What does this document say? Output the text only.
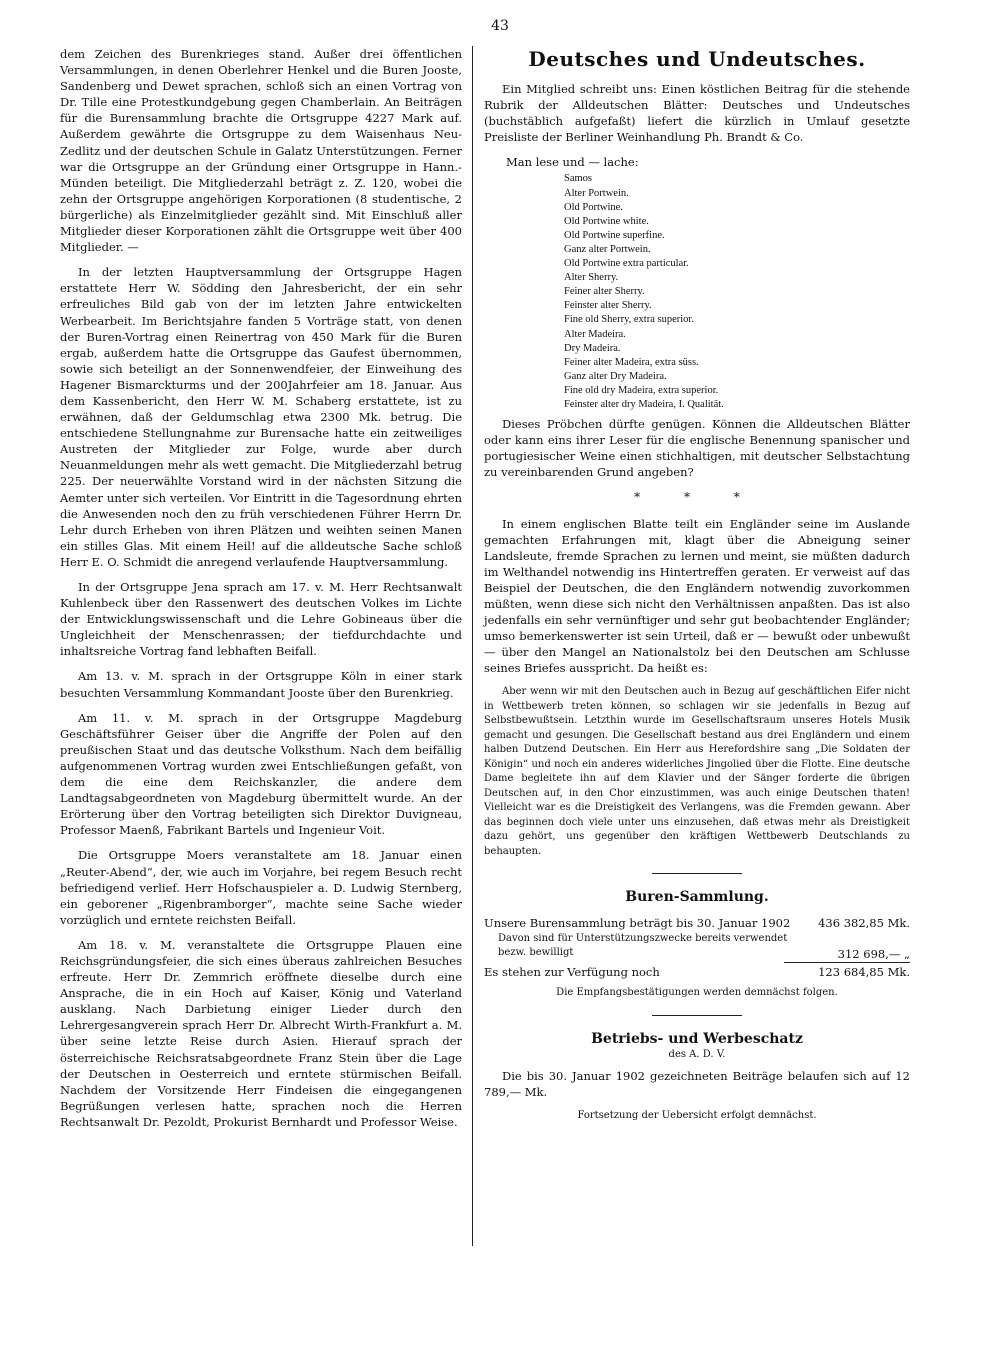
43

dem Zeichen des Burenkrieges stand. Außer drei öffentlichen Versammlungen, in denen Oberlehrer Henkel und die Buren Jooste, Sandenberg und Dewet sprachen, schloß sich an einen Vortrag von Dr. Tille eine Protestkundgebung gegen Chamberlain. An Beiträgen für die Burensammlung brachte die Ortsgruppe 4227 Mark auf. Außerdem gewährte die Ortsgruppe zu dem Waisenhaus Neu-Zedlitz und der deutschen Schule in Galatz Unterstützungen. Ferner war die Ortsgruppe an der Gründung einer Ortsgruppe in Hann.-Münden beteiligt. Die Mitgliederzahl beträgt z. Z. 120, wobei die zehn der Ortsgruppe angehörigen Korporationen (8 studentische, 2 bürgerliche) als Einzelmitglieder gezählt sind. Mit Einschluß aller Mitglieder dieser Korporationen zählt die Ortsgruppe weit über 400 Mitglieder. —

In der letzten Hauptversammlung der Ortsgruppe Hagen erstattete Herr W. Södding den Jahresbericht, der ein sehr erfreuliches Bild gab von der im letzten Jahre entwickelten Werbearbeit. Im Berichtsjahre fanden 5 Vorträge statt, von denen der Buren-Vortrag einen Reinertrag von 450 Mark für die Buren ergab, außerdem hatte die Ortsgruppe das Gaufest übernommen, sowie sich beteiligt an der Sonnenwendfeier, der Einweihung des Hagener Bismarckturms und der 200Jahrfeier am 18. Januar. Aus dem Kassenbericht, den Herr W. M. Schaberg erstattete, ist zu erwähnen, daß der Geldumschlag etwa 2300 Mk. betrug. Die entschiedene Stellungnahme zur Burensache hatte ein zeitweiliges Austreten der Mitglieder zur Folge, wurde aber durch Neuanmeldungen mehr als wett gemacht. Die Mitgliederzahl betrug 225. Der neuerwählte Vorstand wird in der nächsten Sitzung die Aemter unter sich verteilen. Vor Eintritt in die Tagesordnung ehrten die Anwesenden noch den zu früh verschiedenen Führer Herrn Dr. Lehr durch Erheben von ihren Plätzen und weihten seinen Manen ein stilles Glas. Mit einem Heil! auf die alldeutsche Sache schloß Herr E. O. Schmidt die anregend verlaufende Hauptversammlung.

In der Ortsgruppe Jena sprach am 17. v. M. Herr Rechtsanwalt Kuhlenbeck über den Rassenwert des deutschen Volkes im Lichte der Entwicklungswissenschaft und die Lehre Gobineaus über die Ungleichheit der Menschenrassen; der tiefdurchdachte und inhaltsreiche Vortrag fand lebhaften Beifall.

Am 13. v. M. sprach in der Ortsgruppe Köln in einer stark besuchten Versammlung Kommandant Jooste über den Burenkrieg.

Am 11. v. M. sprach in der Ortsgruppe Magdeburg Geschäftsführer Geiser über die Angriffe der Polen auf den preußischen Staat und das deutsche Volksthum. Nach dem beifällig aufgenommenen Vortrag wurden zwei Entschließungen gefaßt, von dem die eine dem Reichskanzler, die andere dem Landtagsabgeordneten von Magdeburg übermittelt wurde. An der Erörterung über den Vortrag beteiligten sich Direktor Duvigneau, Professor Maenß, Fabrikant Bartels und Ingenieur Voit.

Die Ortsgruppe Moers veranstaltete am 18. Januar einen „Reuter-Abend“, der, wie auch im Vorjahre, bei regem Besuch recht befriedigend verlief. Herr Hofschauspieler a. D. Ludwig Sternberg, ein geborener „Rigenbramborger“, machte seine Sache wieder vorzüglich und erntete reichsten Beifall.

Am 18. v. M. veranstaltete die Ortsgruppe Plauen eine Reichsgründungsfeier, die sich eines überaus zahlreichen Besuches erfreute. Herr Dr. Zemmrich eröffnete dieselbe durch eine Ansprache, die in ein Hoch auf Kaiser, König und Vaterland ausklang. Nach Darbietung einiger Lieder durch den Lehrergesangverein sprach Herr Dr. Albrecht Wirth-Frankfurt a. M. über seine letzte Reise durch Asien. Hierauf sprach der österreichische Reichsratsabgeordnete Franz Stein über die Lage der Deutschen in Oesterreich und erntete stürmischen Beifall. Nachdem der Vorsitzende Herr Findeisen die eingegangenen Begrüßungen verlesen hatte, sprachen noch die Herren Rechtsanwalt Dr. Pezoldt, Prokurist Bernhardt und Professor Weise.

Deutsches und Undeutsches.

Ein Mitglied schreibt uns: Einen köstlichen Beitrag für die stehende Rubrik der Alldeutschen Blätter: Deutsches und Undeutsches (buchstäblich aufgefaßt) liefert die kürzlich in Umlauf gesetzte Preisliste der Berliner Weinhandlung Ph. Brandt & Co.

Man lese und — lache:

Samos
Alter Portwein.
Old Portwine.
Old Portwine white.
Old Portwine superfine.
Ganz alter Portwein.
Old Portwine extra particular.
Alter Sherry.
Feiner alter Sherry.
Feinster alter Sherry.
Fine old Sherry, extra superior.
Alter Madeira.
Dry Madeira.
Feiner alter Madeira, extra süss.
Ganz alter Dry Madeira.
Fine old dry Madeira, extra superior.
Feinster alter dry Madeira, I. Qualität.

Dieses Pröbchen dürfte genügen. Können die Alldeutschen Blätter oder kann eins ihrer Leser für die englische Benennung spanischer und portugiesischer Weine einen stichhaltigen, mit deutscher Selbstachtung zu vereinbarenden Grund angeben?

* * *

In einem englischen Blatte teilt ein Engländer seine im Auslande gemachten Erfahrungen mit, klagt über die Abneigung seiner Landsleute, fremde Sprachen zu lernen und meint, sie müßten dadurch im Welthandel notwendig ins Hintertreffen geraten. Er verweist auf das Beispiel der Deutschen, die den Engländern notwendig zuvorkommen müßten, wenn diese sich nicht den Verhältnissen anpaßten. Das ist also jedenfalls ein sehr vernünftiger und sehr gut beobachtender Engländer; umso bemerkenswerter ist sein Urteil, daß er — bewußt oder unbewußt — über den Mangel an Nationalstolz bei den Deutschen am Schlusse seines Briefes ausspricht. Da heißt es:

Aber wenn wir mit den Deutschen auch in Bezug auf geschäftlichen Eifer nicht in Wettbewerb treten können, so schlagen wir sie jedenfalls in Bezug auf Selbstbewußtsein. Letzthin wurde im Gesellschaftsraum unseres Hotels Musik gemacht und gesungen. Die Gesellschaft bestand aus drei Engländern und einem halben Dutzend Deutschen. Ein Herr aus Herefordshire sang „Die Soldaten der Königin“ und noch ein anderes widerliches Jingolied über die Flotte. Eine deutsche Dame begleitete ihn auf dem Klavier und der Sänger forderte die übrigen Deutschen auf, in den Chor einzustimmen, was auch einige Deutschen thaten! Vielleicht war es die Dreistigkeit des Verlangens, was die Fremden gewann. Aber das beginnen doch viele unter uns einzusehen, daß etwas mehr als Dreistigkeit dazu gehört, uns gegenüber den kräftigen Wettbewerb Deutschlands zu behaupten.

Buren-Sammlung.

Unsere Burensammlung beträgt bis 30. Januar 1902 436 382,85 Mk.
Davon sind für Unterstützungszwecke bereits verwendet
bezw. bewilligt	312 698,— „
Es stehen zur Verfügung noch	123 684,85 Mk.

Die Empfangsbestätigungen werden demnächst folgen.

Betriebs- und Werbeschatz

des A. D. V.

Die bis 30. Januar 1902 gezeichneten Beiträge belaufen sich auf 12 789,— Mk.

Fortsetzung der Uebersicht erfolgt demnächst.
